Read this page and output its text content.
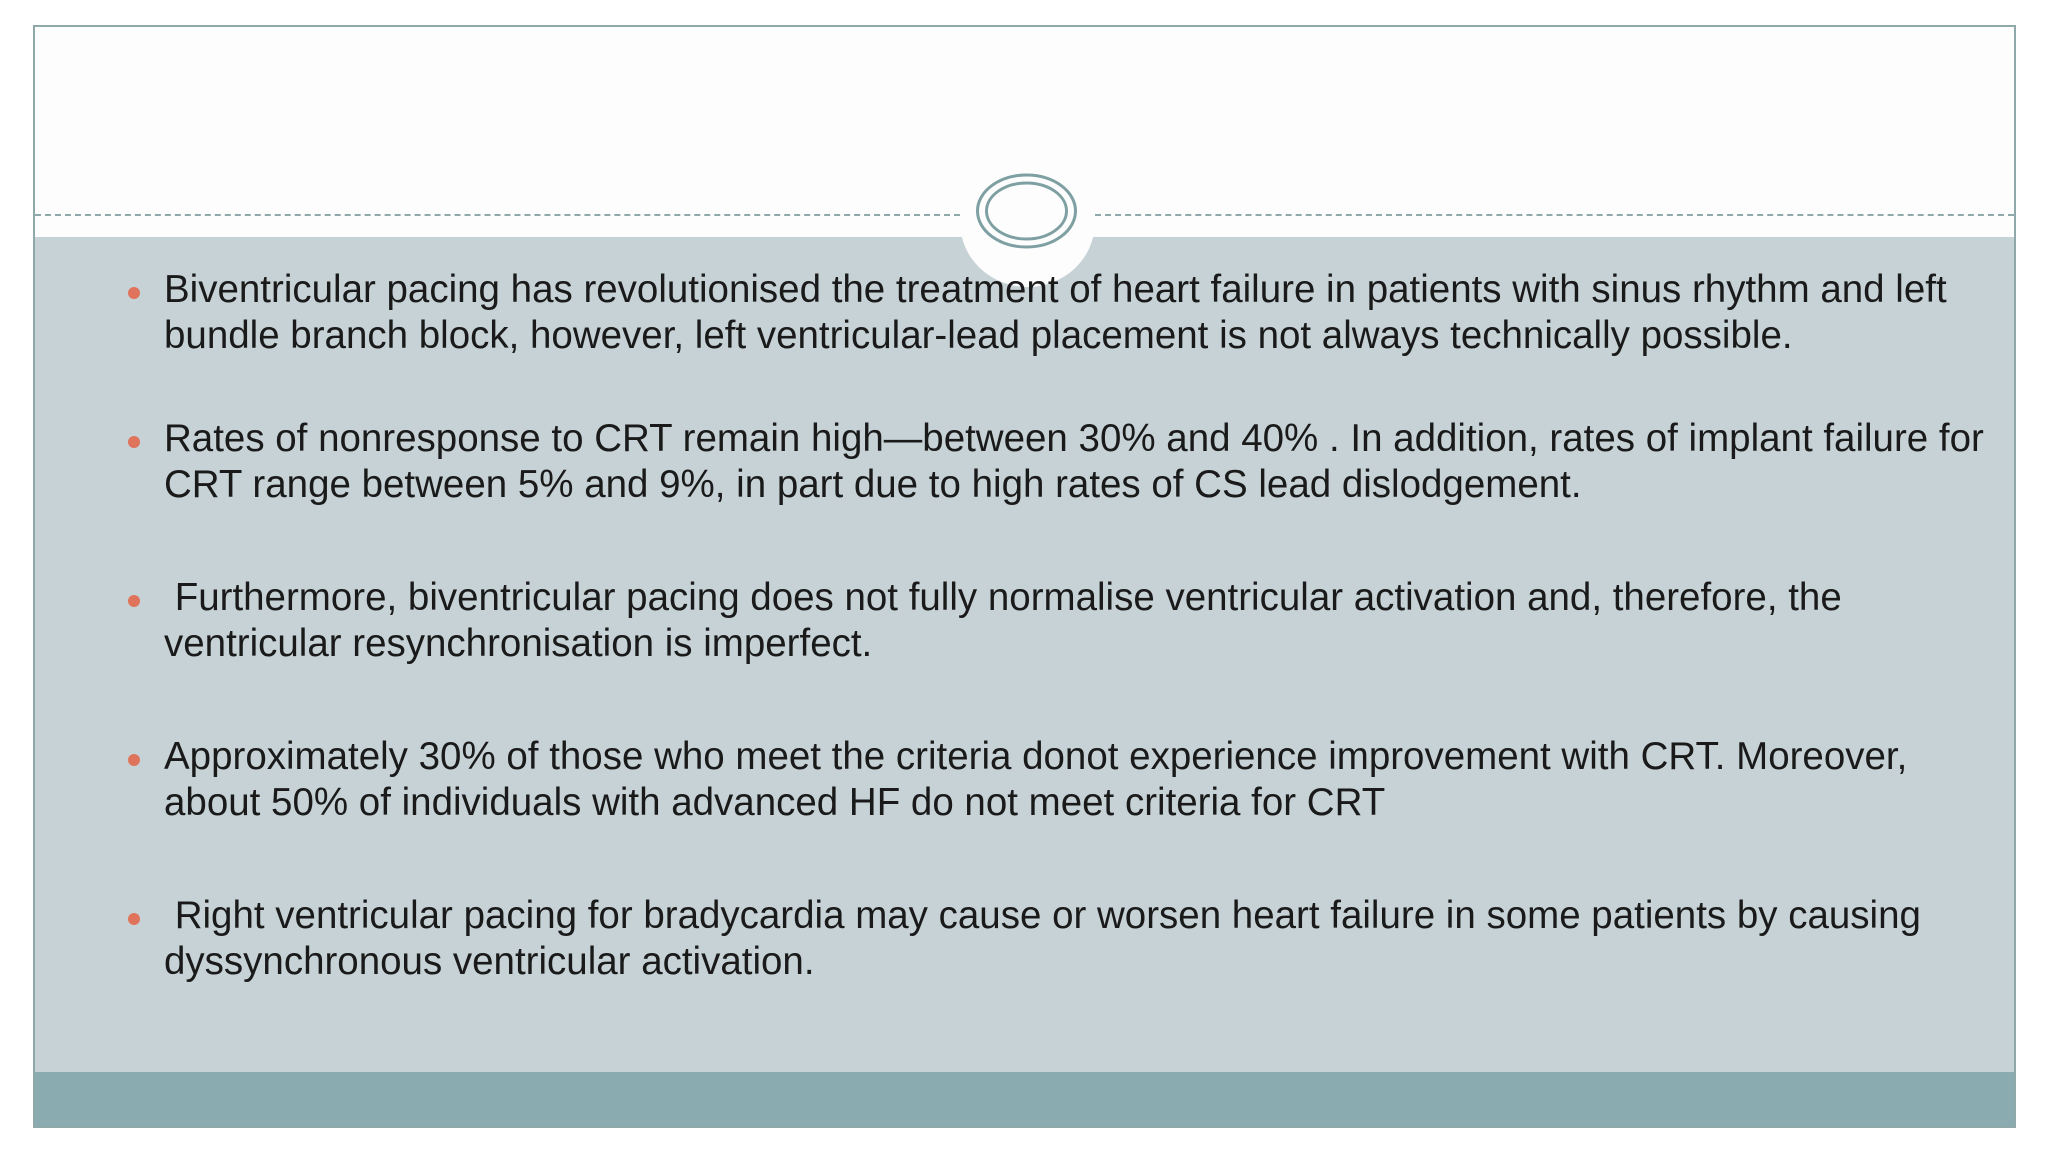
Biventricular pacing has revolutionised the treatment of heart failure in patients with sinus rhythm and left bundle branch block, however, left ventricular-lead placement is not always technically possible.
Rates of nonresponse to CRT remain high—between 30% and 40% . In addition, rates of implant failure for CRT range between 5% and 9%, in part due to high rates of CS lead dislodgement.
Furthermore, biventricular pacing does not fully normalise ventricular activation and, therefore, the ventricular resynchronisation is imperfect.
Approximately 30% of those who meet the criteria donot experience improvement with CRT. Moreover, about 50% of individuals with advanced HF do not meet criteria for CRT
Right ventricular pacing for bradycardia may cause or worsen heart failure in some patients by causing dyssynchronous ventricular activation.
